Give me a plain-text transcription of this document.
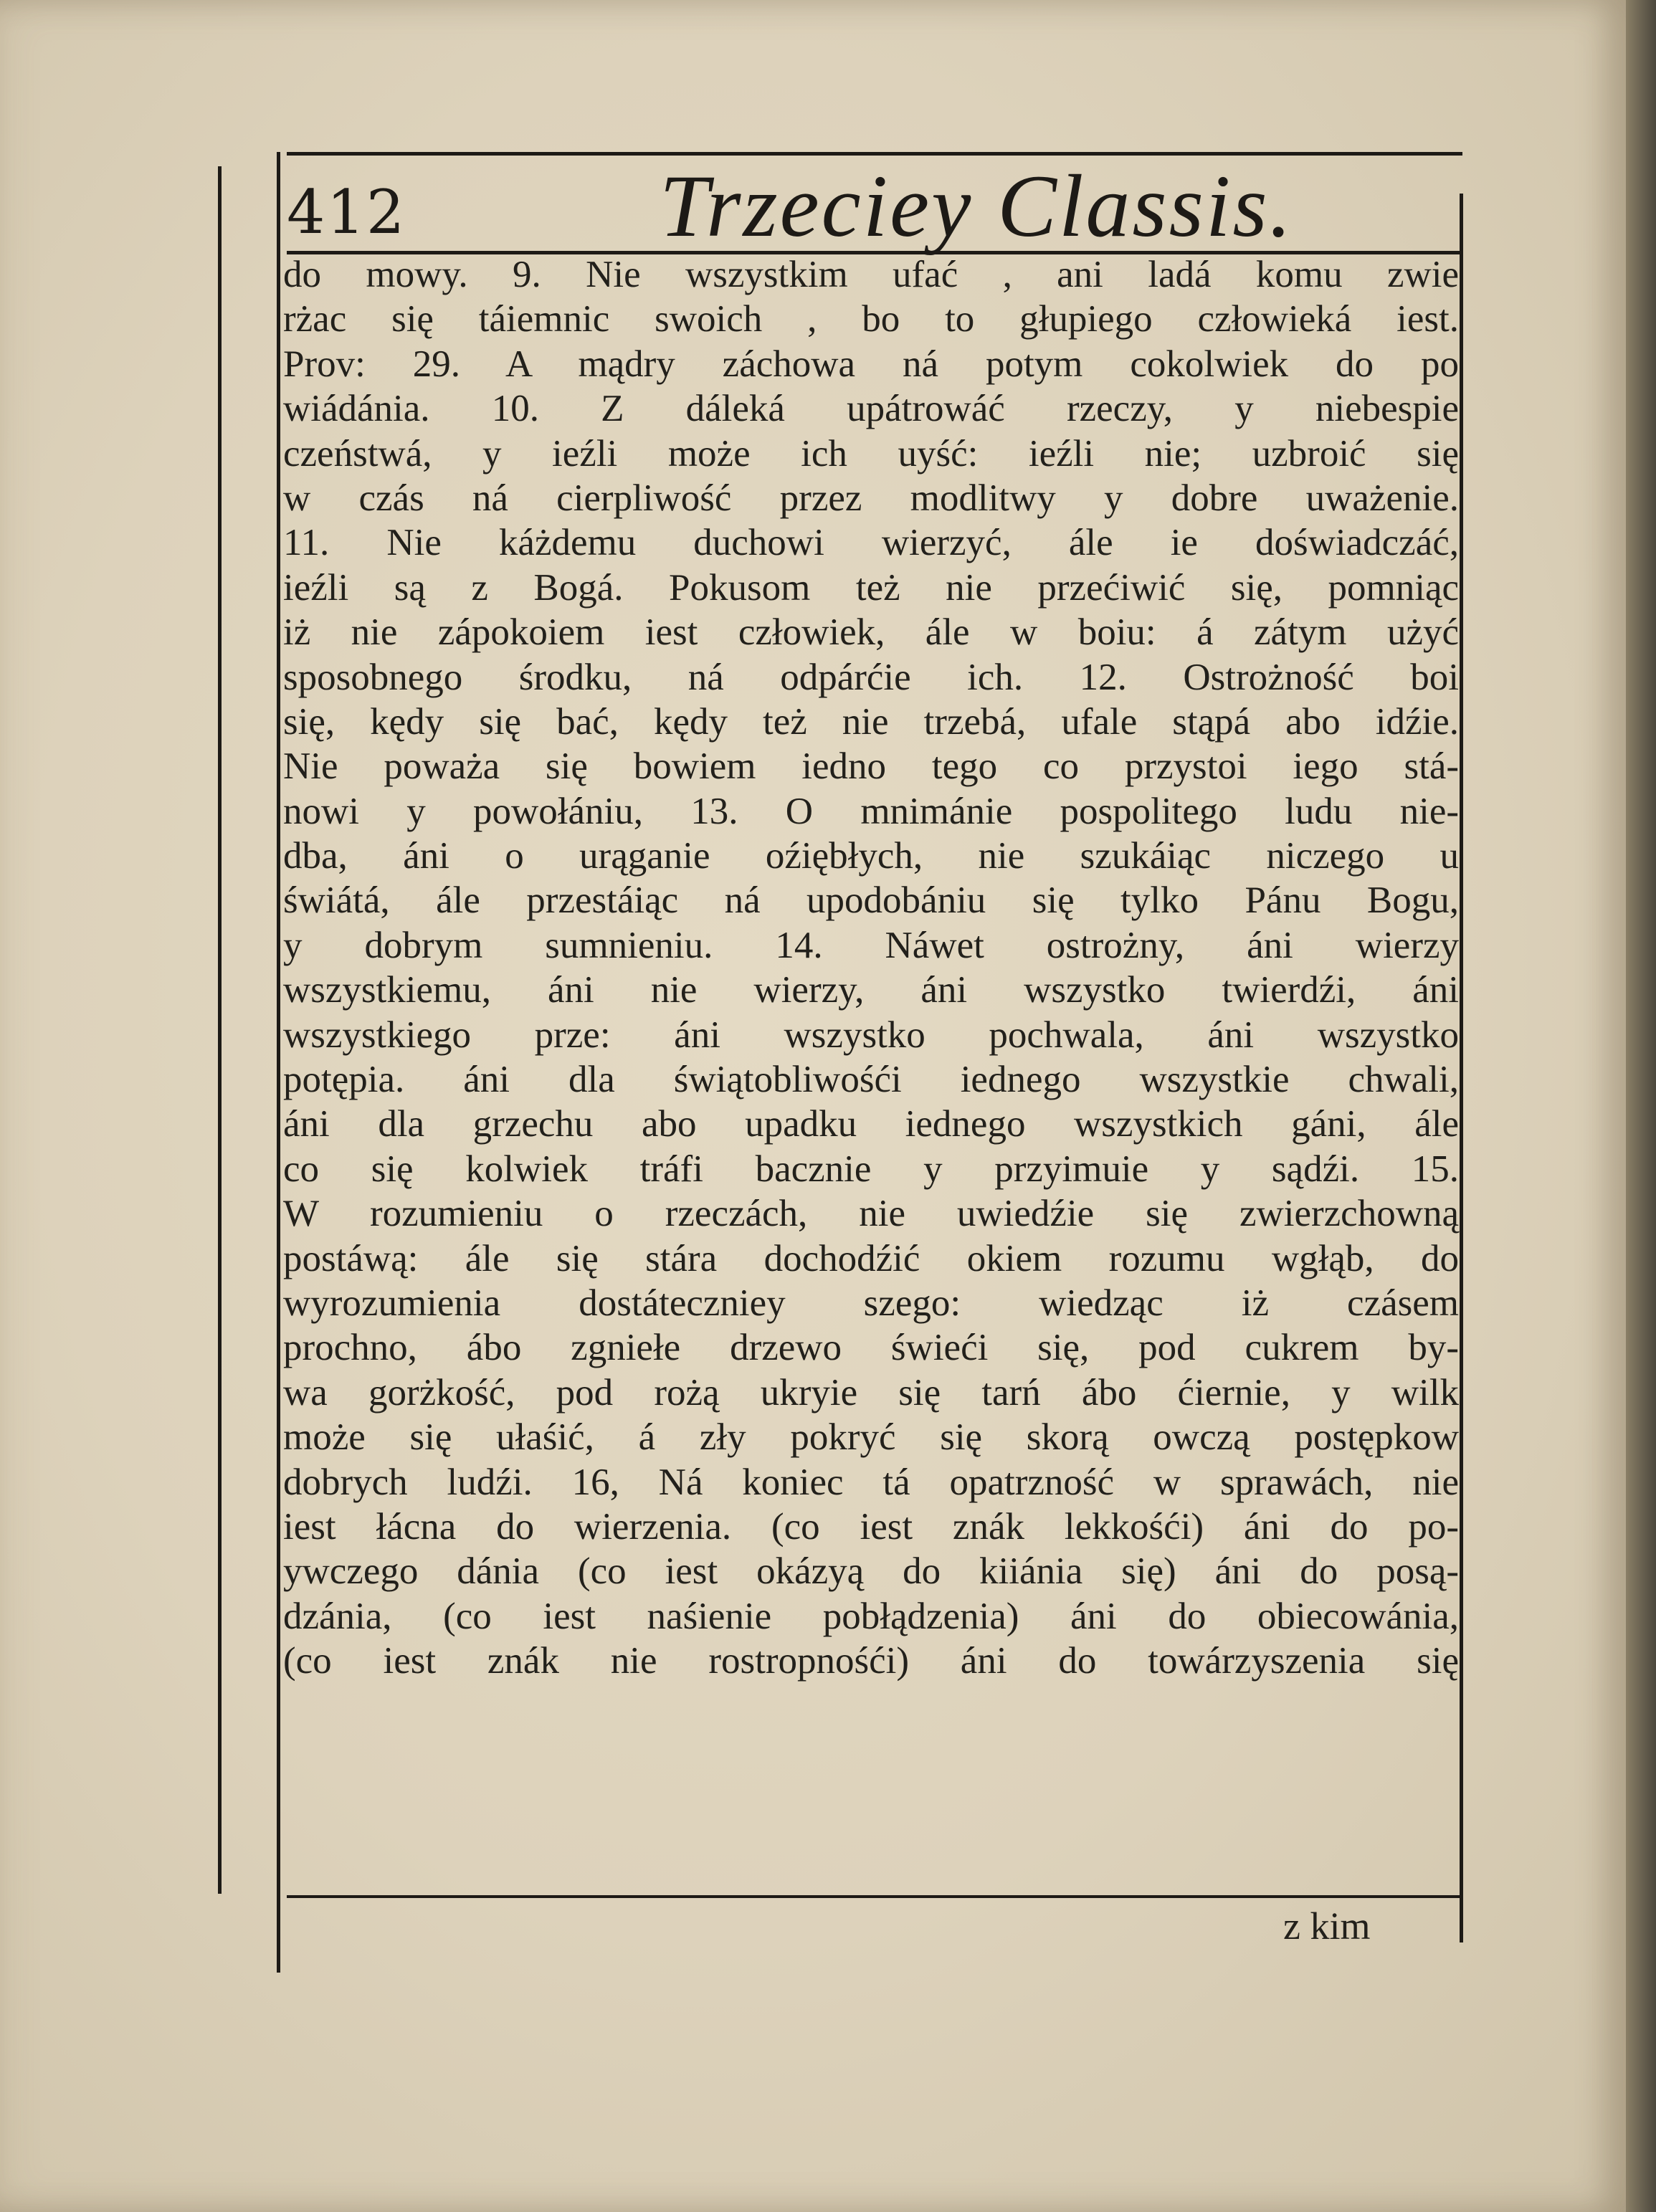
412	Trzeciey Classis.
do mowy. 9. Nie wszystkim ufać , ani ladá komu zwie
rżac się táiemnic swoich , bo to głupiego człowieká iest.
Prov: 29. A mądry záchowa ná potym cokolwiek do po
wiádánia. 10. Z dáleká upátrowáć rzeczy, y niebespie
czeństwá, y ieźli może ich uyść: ieźli nie; uzbroić się
w czás ná cierpliwość przez modlitwy y dobre uważenie.
11. Nie káżdemu duchowi wierzyć, ále ie doświadczáć,
ieźli są z Bogá. Pokusom też nie przećiwić się, pomniąc
iż nie zápokoiem iest człowiek, ále w boiu: á zátym użyć
sposobnego środku, ná odpárćie ich. 12. Ostrożność boi
się, kędy się bać, kędy też nie trzebá, ufale stąpá abo idźie.
Nie poważa się bowiem iedno tego co przystoi iego stá-
nowi y powołániu, 13. O mnimánie pospolitego ludu nie-
dba, áni o urąganie oźiębłych, nie szukáiąc niczego u
świátá, ále przestáiąc ná upodobániu się tylko Pánu Bogu,
y dobrym sumnieniu. 14. Náwet ostrożny, áni wierzy
wszystkiemu, áni nie wierzy, áni wszystko twierdźi, áni
wszystkiego prze: áni wszystko pochwala, áni wszystko
potępia. áni dla świątobliwośći iednego wszystkie chwali,
áni dla grzechu abo upadku iednego wszystkich gáni, ále
co się kolwiek tráfi bacznie y przyimuie y sądźi. 15.
W rozumieniu o rzeczách, nie uwiedźie się zwierzchowną
postáwą: ále się stára dochodźić okiem rozumu wgłąb, do
wyrozumienia dostáteczniey szego: wiedząc iż czásem
prochno, ábo zgniełe drzewo świeći się, pod cukrem by-
wa gorżkość, pod rożą ukryie się tarń ábo ćiernie, y wilk
może się ułaśić, á zły pokryć się skorą owczą postępkow
dobrych ludźi. 16, Ná koniec tá opatrzność w sprawách, nie
iest łácna do wierzenia. (co iest znák lekkośći) áni do po-
ywczego dánia (co iest okázyą do kiiánia się) áni do posą-
dzánia, (co iest naśienie pobłądzenia) áni do obiecowánia,
(co iest znák nie rostropnośći) áni do towárzyszenia się
z kim
